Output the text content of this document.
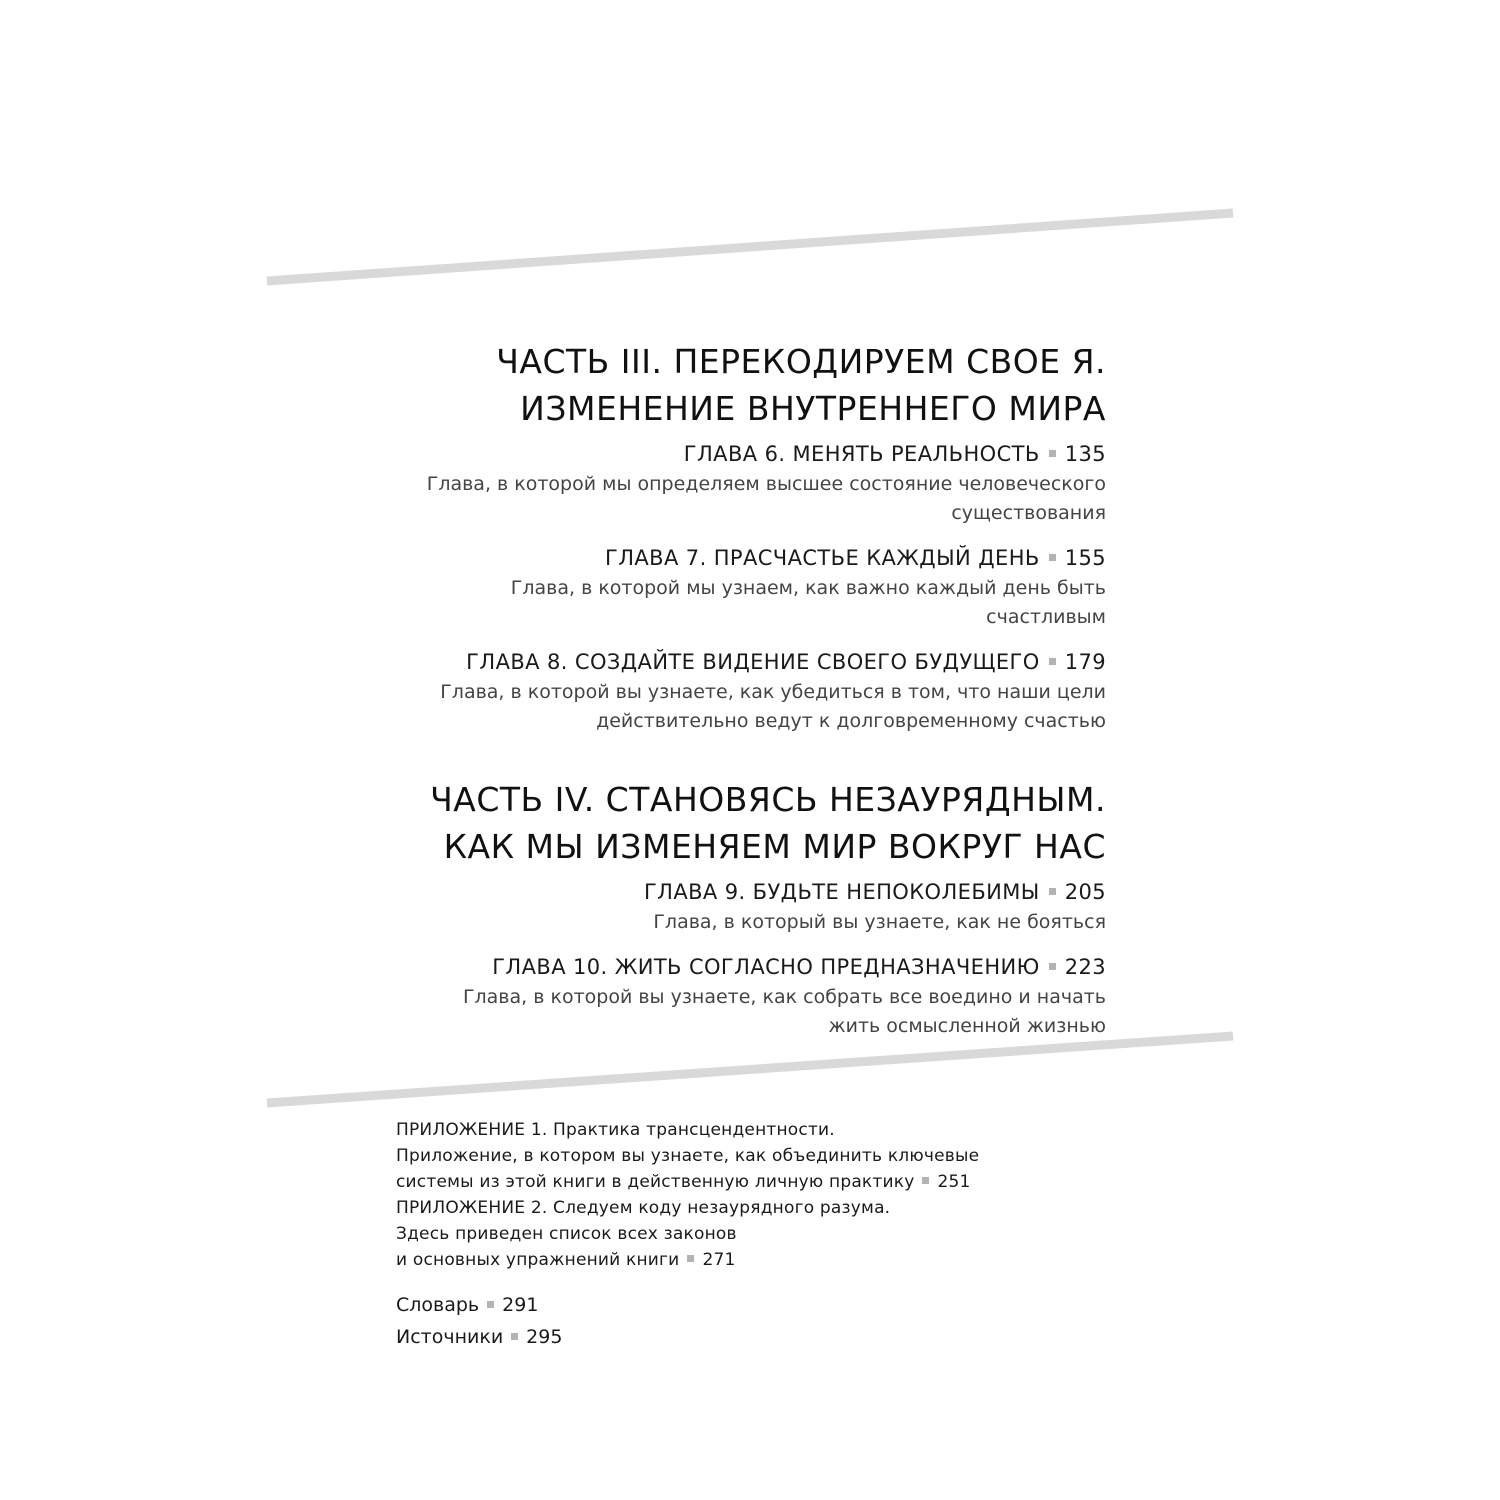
ЧАСТЬ III. ПЕРЕКОДИРУЕМ СВОЕ Я.
ИЗМЕНЕНИЕ ВНУТРЕННЕГО МИРА
ГЛАВА 6. МЕНЯТЬ РЕАЛЬНОСТЬ 135
Глава, в которой мы определяем высшее состояние человеческого
существования
ГЛАВА 7. ПРАСЧАСТЬЕ КАЖДЫЙ ДЕНЬ 155
Глава, в которой мы узнаем, как важно каждый день быть
счастливым
ГЛАВА 8. СОЗДАЙТЕ ВИДЕНИЕ СВОЕГО БУДУЩЕГО 179
Глава, в которой вы узнаете, как убедиться в том, что наши цели
действительно ведут к долговременному счастью
ЧАСТЬ IV. СТАНОВЯСЬ НЕЗАУРЯДНЫМ.
КАК МЫ ИЗМЕНЯЕМ МИР ВОКРУГ НАС
ГЛАВА 9. БУДЬТЕ НЕПОКОЛЕБИМЫ 205
Глава, в который вы узнаете, как не бояться
ГЛАВА 10. ЖИТЬ СОГЛАСНО ПРЕДНАЗНАЧЕНИЮ 223
Глава, в которой вы узнаете, как собрать все воедино и начать
жить осмысленной жизнью
ПРИЛОЖЕНИЕ 1. Практика трансцендентности.
Приложение, в котором вы узнаете, как объединить ключевые
системы из этой книги в действенную личную практику 251
ПРИЛОЖЕНИЕ 2. Следуем коду незаурядного разума.
Здесь приведен список всех законов
и основных упражнений книги 271
Словарь 291
Источники 295
